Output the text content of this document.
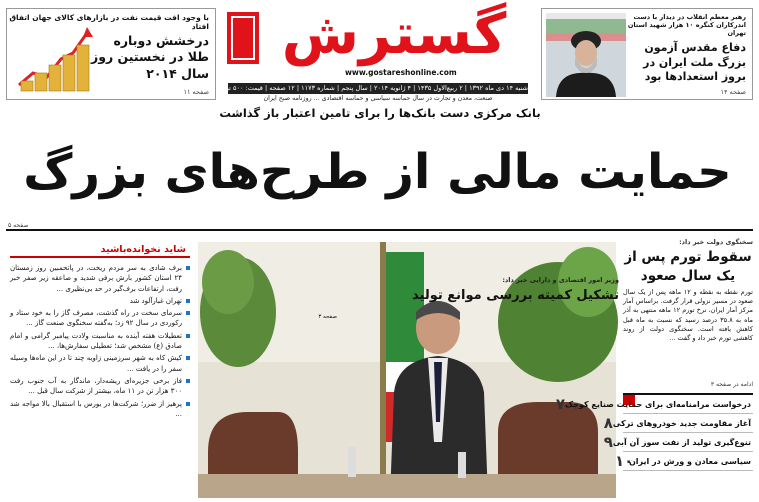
با وجود افت قیمت نفت در بازارهای کالای جهان اتفاق افتاد
درخشش دوباره طلا در نخستین روز سال ۲۰۱۴
صفحه ۱۱
رهبر معظم انقلاب در دیدار با دست اندرکاران کنگره ۱۰ هزار شهید استان تهران
دفاع مقدس آزمون بزرگ ملت ایران در بروز استعدادها بود
صفحه ۱۴
گسترش
www.gostareshonline.com
شنبه ۱۴ دی ماه ۱۳۹۲ | ۲ ربیع‌الاول ۱۴۳۵ | ۴ ژانویه ۲۰۱۴ | سال پنجم | شماره ۱۱۷۳ | ۱۲ صفحه | قیمت: ۵۰۰ تومان
صنعت، معدن و تجارت در سال حماسه سیاسی و حماسه اقتصادی ... روزنامه صبح ایران
بانک مرکزی دست بانک‌ها را برای تامین اعتبار باز گذاشت
حمایت مالی از طرح‌های بزرگ
صفحه ۵
شاید نخوانده‌باشید

برف شادی به سر مردم ریخت، در پاتحمبین روز زمستان ۲۴ استان کشور بارش برفی شدید و صاعقه زیر صفر خبر رفت، ارتفاعات برف‌گیر در حد بی‌نظیری ...

تهران غبارآلود شد

سرمای سخت در راه گذشت، مصرف گاز را به خود ستاد و رکوردی در سال ۹۲ زد؛ به‌گفته سخنگوی صنعت گاز ...

تعطیلات هفته آینده به مناسبت ولادت پیامبر گرامی و امام صادق (ع) مشخص شد؛ تعطیلی سفارش‌ها، ...

کیش کاه به شهر سرزمینی زاویه چند تا در این ماه‌ها وسیله سفر را در یافت ...

فاز برخی جزیره‌ای ریشه‌دار، ماندگار به آب جنوب رفت ۳۰۰ هزار تن در ۱۱ ماه، بیشتر از شرکت سال قبل ...

پرهیز از ضرر؛ شرکت‌ها در بورس با استقبال بالا مواجه شد ...

وزیر امور اقتصادی و دارایی خبر داد:
تشکیل کمیته بررسی موانع تولید
صفحه ۳
سخنگوی دولت خبر داد:
سقوط تورم پس از یک سال صعود
تورم نقطه به نقطه و ۱۲ ماهه پس از یک سال صعود در مسیر نزولی قرار گرفت. براساس آمار مرکز آمار ایران، نرخ تورم ۱۲ ماهه منتهی به آذر ماه به ۳۵.۸ درصد رسید که نسبت به ماه قبل کاهش یافته است. سخنگوی دولت از روند کاهشی تورم خبر داد و گفت ...
ادامه در صفحه ۳
درخواست مرامنامه‌ای برای حمایت صنایع کوچک
۷
آغاز مقاومت جدید خودروهای ترکی
۸
تنوع‌گیری تولید از نفت سوز آن آبی
۹
سیاسی معادن و ورش در ایران
۱۰
